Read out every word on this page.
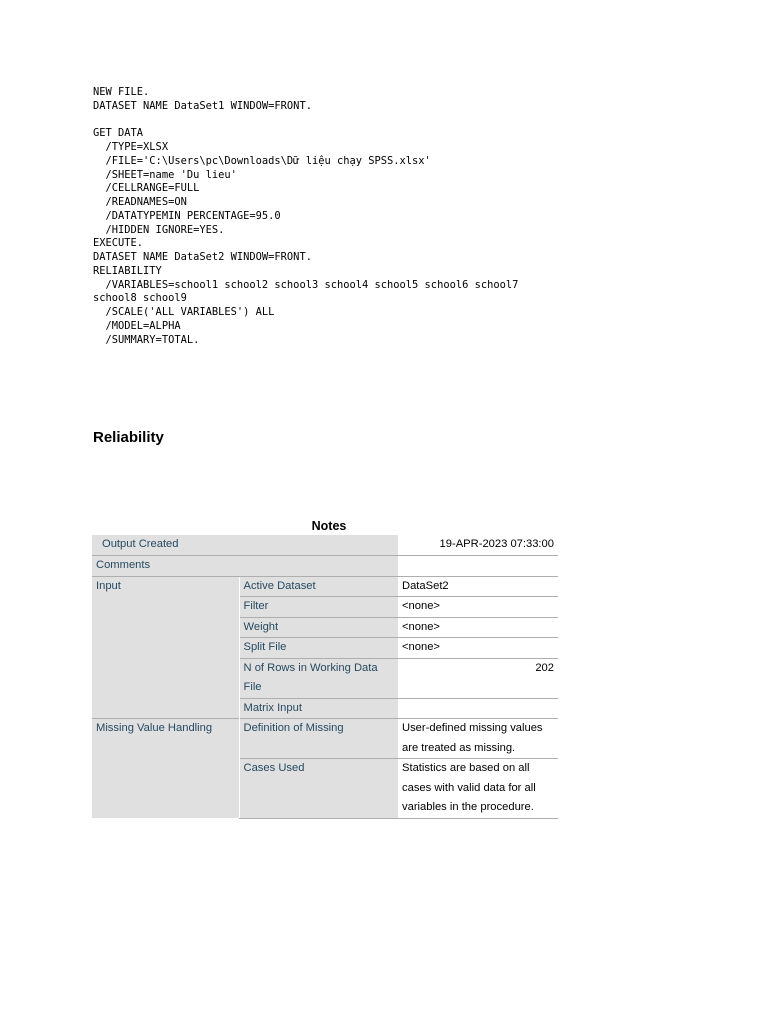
NEW FILE.
DATASET NAME DataSet1 WINDOW=FRONT.
GET DATA
/TYPE=XLSX
/FILE='C:\Users\pc\Downloads\Dữ liệu chạy SPSS.xlsx'
/SHEET=name 'Du lieu'
/CELLRANGE=FULL
/READNAMES=ON
/DATATYPEMIN PERCENTAGE=95.0
/HIDDEN IGNORE=YES.
EXECUTE.
DATASET NAME DataSet2 WINDOW=FRONT.
RELIABILITY
/VARIABLES=school1 school2 school3 school4 school5 school6 school7
school8 school9
/SCALE('ALL VARIABLES') ALL
/MODEL=ALPHA
/SUMMARY=TOTAL.
Reliability
Notes
Output Created		19-APR-2023 07:33:00
Comments		
Input	Active Dataset	DataSet2
	Filter	<none>
	Weight	<none>
	Split File	<none>
	N of Rows in Working Data File	202

	Matrix Input	
Missing Value Handling	Definition of Missing	User-defined missing values are treated as missing.
	Cases Used	Statistics are based on all cases with valid data for all variables in the procedure.
